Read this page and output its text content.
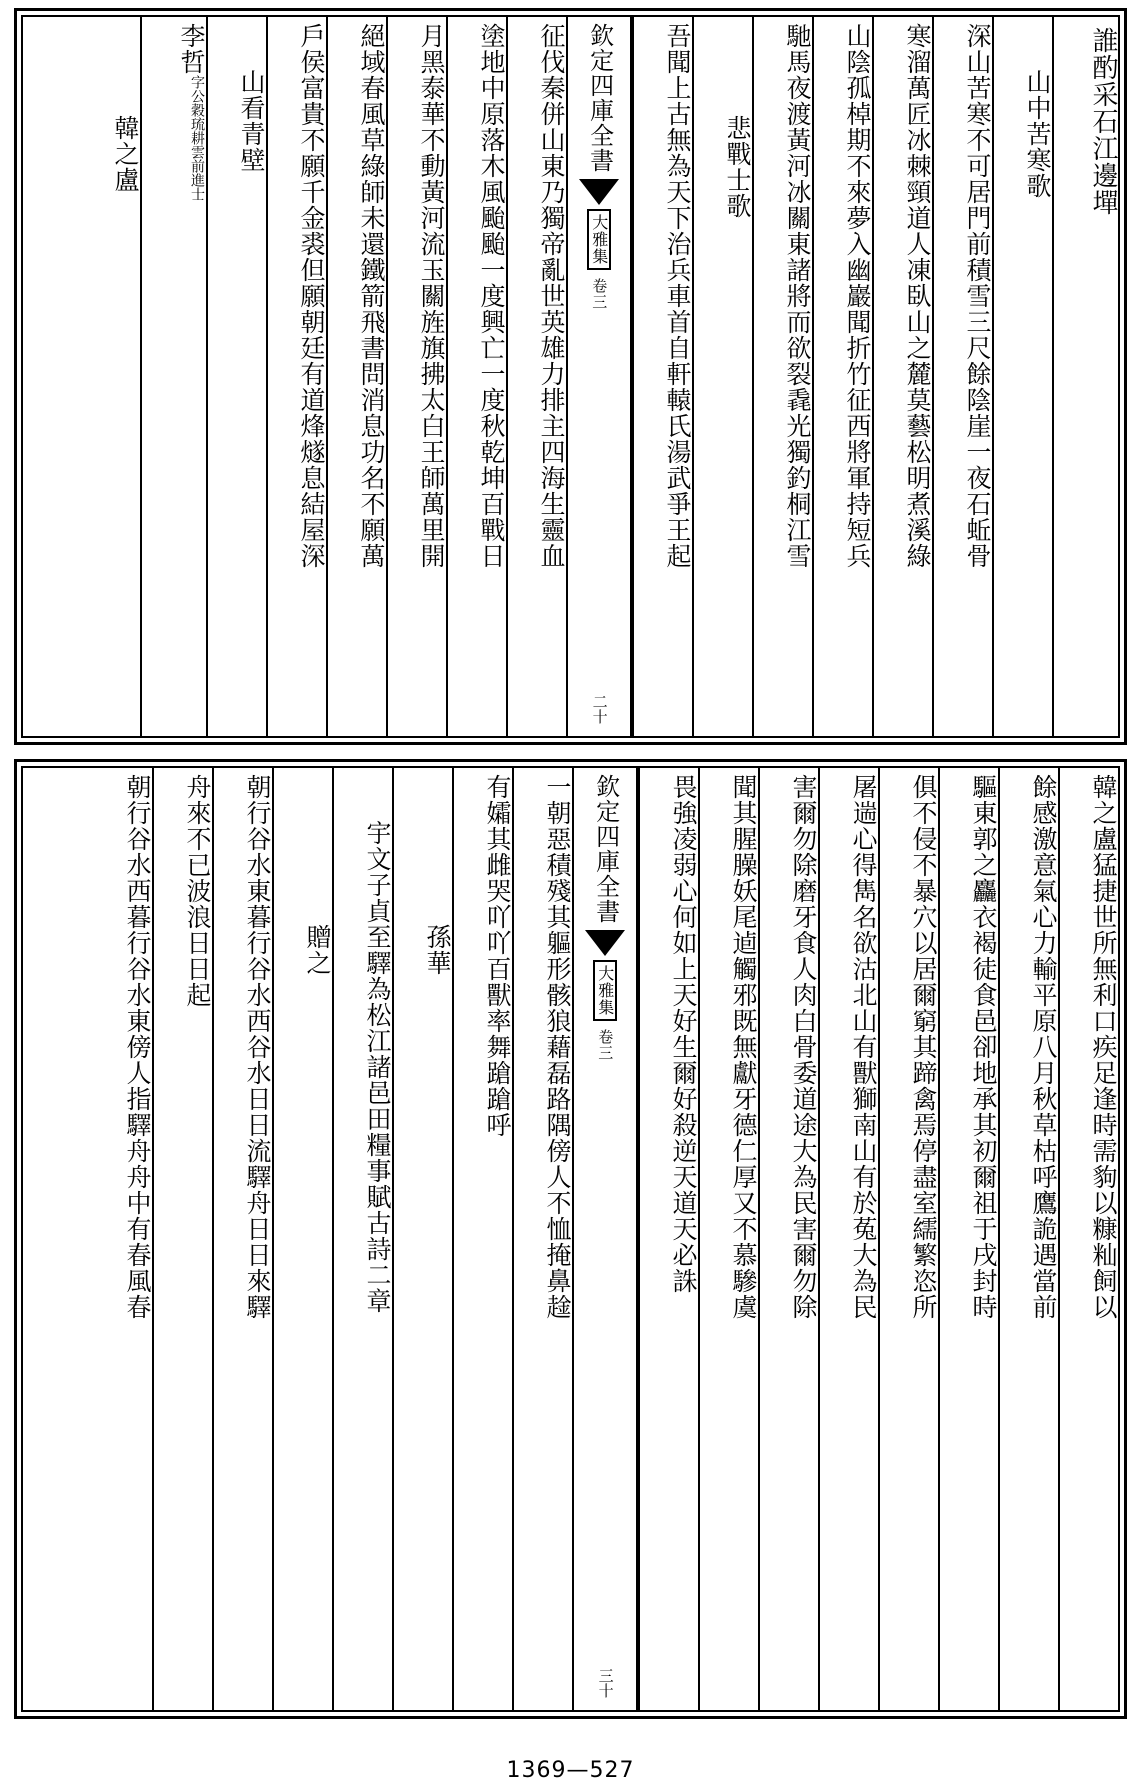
誰酌采石江邊墠
山中苦寒歌
深山苦寒不可居門前積雪三尺餘陰崖一夜石蚯骨
寒溜萬匠冰棘頸道人凍臥山之麓莫藝松明煮溪綠
山陰孤棹期不來夢入幽巖聞折竹征西將軍持短兵
馳馬夜渡黃河冰關東諸將而欲裂毳光獨釣桐江雪
悲戰士歌
吾聞上古無為天下治兵車首自軒轅氏湯武爭王起
欽定四庫全書
大雅集
卷三
二十
征伐秦併山東乃獨帝亂世英雄力排主四海生靈血
塗地中原落木風颱颱一度興亡一度秋乾坤百戰日
月黑泰華不動黃河流玉關旌旗拂太白王師萬里開
絕域春風草綠師未還鐵箭飛書問消息功名不願萬
戶侯富貴不願千金裘但願朝廷有道烽燧息結屋深
山看青壁
李哲
字公穀琉耕雲前進士
韓之盧
韓之盧猛捷世所無利口疾足逢時需豿以糠籼飼以
餘感激意氣心力輸平原八月秋草枯呼鷹詭遇當前
驅東郭之麤衣褐徒食邑卻地承其初爾祖于戌封時
俱不侵不暴穴以居爾窮其蹄禽焉停盡室繻繁恣所
屠遄心得雋名欲沽北山有獸獅南山有於菟大為民
害爾勿除磨牙食人肉白骨委道途大為民害爾勿除
聞其腥臊妖尾逌觸邪既無獻牙德仁厚又不慕驂虞
畏強凌弱心何如上天好生爾好殺逆天道天必誅
欽定四庫全書
大雅集
卷三
三十
一朝惡積殘其軀形骸狼藉磊路隅傍人不恤掩鼻趛
有孀其雌哭吖吖百獸率舞蹌蹌呼
孫華
宇文子貞至驛為松江諸邑田糧事賦古詩二章
贈之
朝行谷水東暮行谷水西谷水日日流驛舟日日來驛
舟來不已波浪日日起
朝行谷水西暮行谷水東傍人指驛舟舟中有春風春
1369—527
